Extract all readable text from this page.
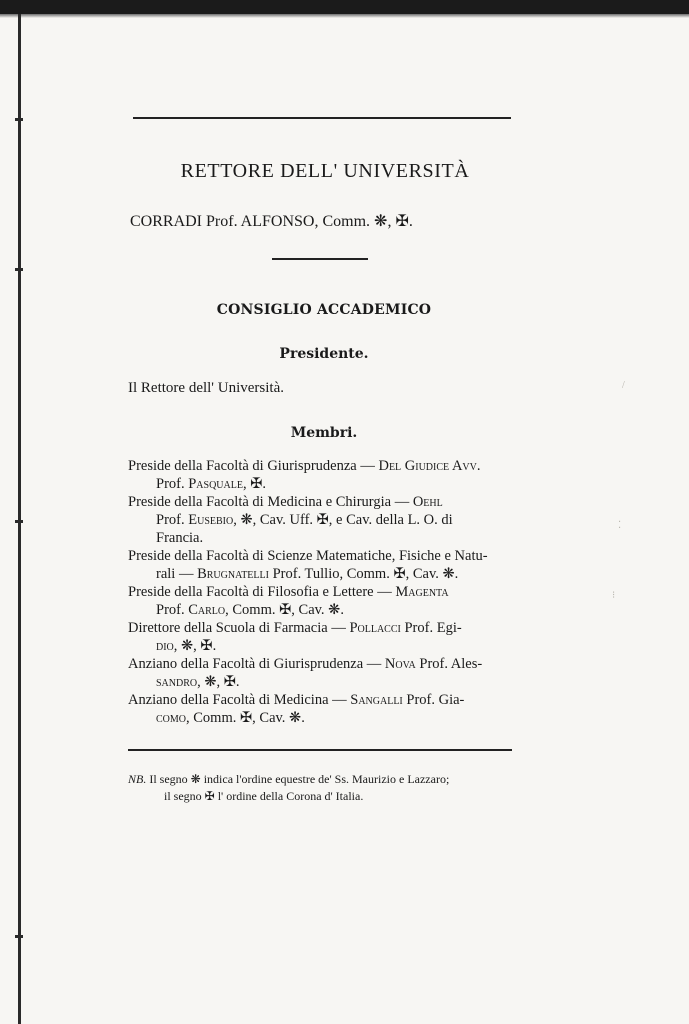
/
⁚
⁝
RETTORE DELL' UNIVERSITÀ
CORRADI Prof. ALFONSO, Comm. ❋, ✠.
CONSIGLIO ACCADEMICO
Presidente.
Il Rettore dell' Università.
Membri.
Preside della Facoltà di Giurisprudenza — Del Giudice Avv.
Prof. Pasquale, ✠.
Preside della Facoltà di Medicina e Chirurgia — Oehl
Prof. Eusebio, ❋, Cav. Uff. ✠, e Cav. della L. O. di
Francia.
Preside della Facoltà di Scienze Matematiche, Fisiche e Natu-
rali — Brugnatelli Prof. Tullio, Comm. ✠, Cav. ❋.
Preside della Facoltà di Filosofia e Lettere — Magenta
Prof. Carlo, Comm. ✠, Cav. ❋.
Direttore della Scuola di Farmacia — Pollacci Prof. Egi-
dio, ❋, ✠.
Anziano della Facoltà di Giurisprudenza — Nova Prof. Ales-
sandro, ❋, ✠.
Anziano della Facoltà di Medicina — Sangalli Prof. Gia-
como, Comm. ✠, Cav. ❋.
NB. Il segno ❋ indica l'ordine equestre de' Ss. Maurizio e Lazzaro;
il segno ✠ l' ordine della Corona d' Italia.
